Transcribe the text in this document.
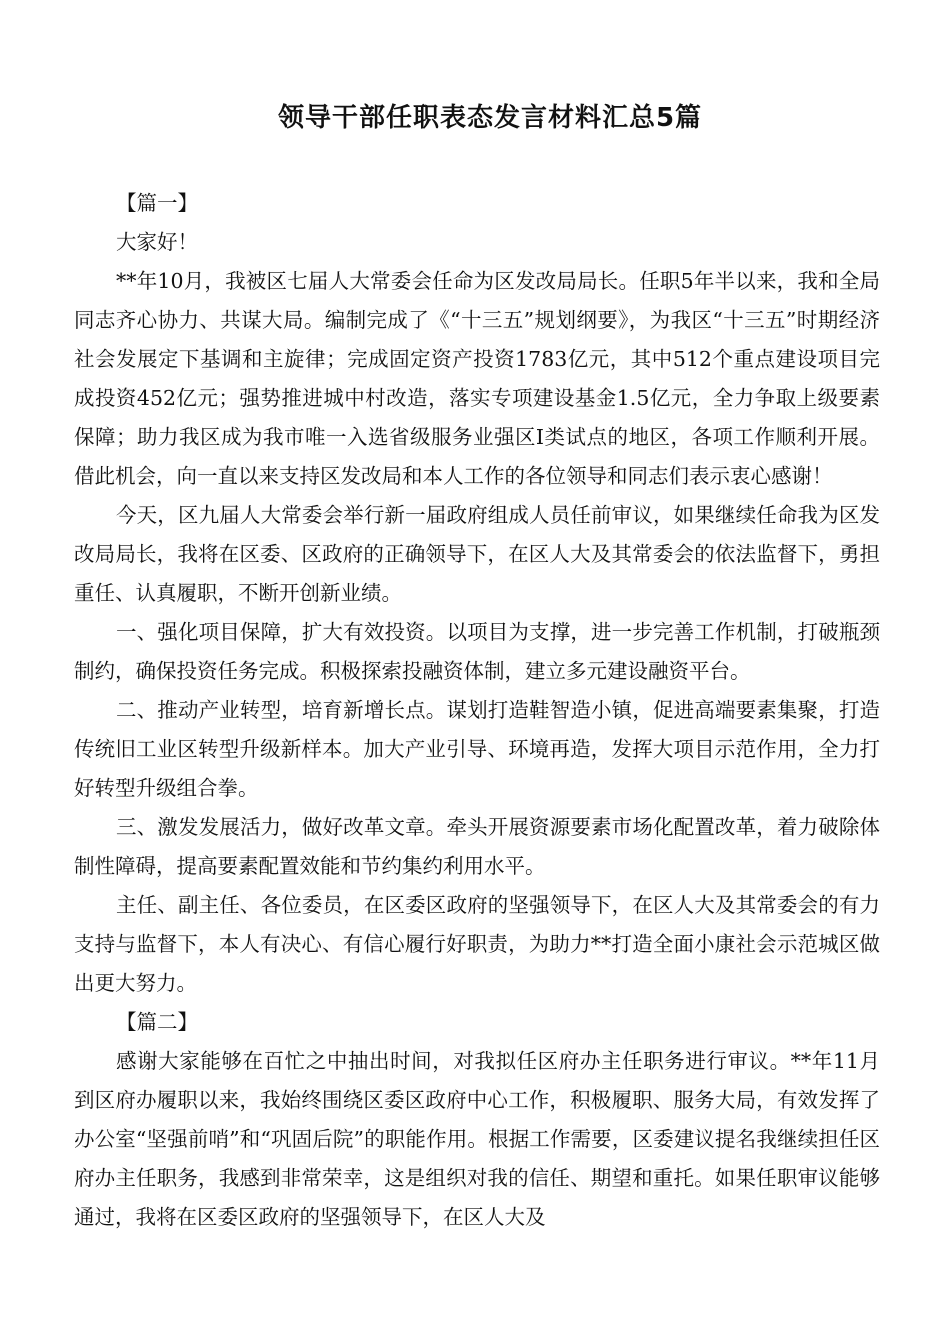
领导干部任职表态发言材料汇总5篇

【篇一】

大家好！

**年10月，我被区七届人大常委会任命为区发改局局长。任职5年半以来，我和全局同志齐心协力、共谋大局。编制完成了《“十三五”规划纲要》，为我区“十三五”时期经济社会发展定下基调和主旋律；完成固定资产投资1783亿元，其中512个重点建设项目完成投资452亿元；强势推进城中村改造，落实专项建设基金1.5亿元，全力争取上级要素保障；助力我区成为我市唯一入选省级服务业强区Ⅰ类试点的地区，各项工作顺利开展。借此机会，向一直以来支持区发改局和本人工作的各位领导和同志们表示衷心感谢！

今天，区九届人大常委会举行新一届政府组成人员任前审议，如果继续任命我为区发改局局长，我将在区委、区政府的正确领导下，在区人大及其常委会的依法监督下，勇担重任、认真履职，不断开创新业绩。

一、强化项目保障，扩大有效投资。以项目为支撑，进一步完善工作机制，打破瓶颈制约，确保投资任务完成。积极探索投融资体制，建立多元建设融资平台。

二、推动产业转型，培育新增长点。谋划打造鞋智造小镇，促进高端要素集聚，打造传统旧工业区转型升级新样本。加大产业引导、环境再造，发挥大项目示范作用，全力打好转型升级组合拳。

三、激发发展活力，做好改革文章。牵头开展资源要素市场化配置改革，着力破除体制性障碍，提高要素配置效能和节约集约利用水平。

主任、副主任、各位委员，在区委区政府的坚强领导下，在区人大及其常委会的有力支持与监督下，本人有决心、有信心履行好职责，为助力**打造全面小康社会示范城区做出更大努力。

【篇二】

感谢大家能够在百忙之中抽出时间，对我拟任区府办主任职务进行审议。**年11月到区府办履职以来，我始终围绕区委区政府中心工作，积极履职、服务大局，有效发挥了办公室“坚强前哨”和“巩固后院”的职能作用。根据工作需要，区委建议提名我继续担任区府办主任职务，我感到非常荣幸，这是组织对我的信任、期望和重托。如果任职审议能够通过，我将在区委区政府的坚强领导下，在区人大及
